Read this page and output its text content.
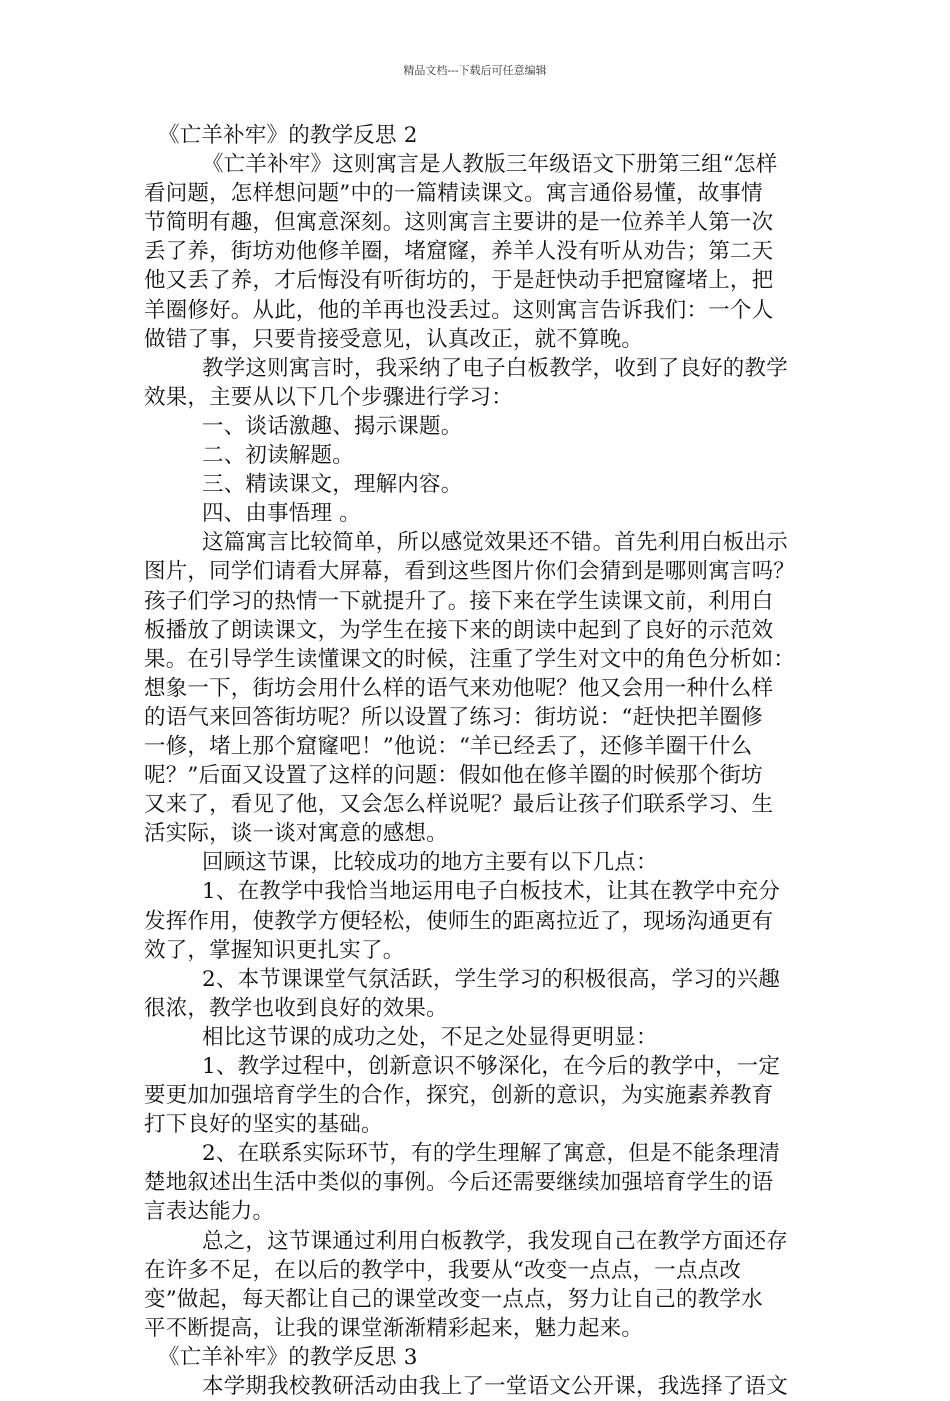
精品文档---下载后可任意编辑
《亡羊补牢》的教学反思 2
《亡羊补牢》这则寓言是人教版三年级语文下册第三组“怎样
看问题，怎样想问题”中的一篇精读课文。寓言通俗易懂，故事情
节简明有趣，但寓意深刻。这则寓言主要讲的是一位养羊人第一次
丢了养，街坊劝他修羊圈，堵窟窿，养羊人没有听从劝告；第二天
他又丢了养，才后悔没有听街坊的，于是赶快动手把窟窿堵上，把
羊圈修好。从此，他的羊再也没丢过。这则寓言告诉我们：一个人
做错了事，只要肯接受意见，认真改正，就不算晚。
教学这则寓言时，我采纳了电子白板教学，收到了良好的教学
效果，主要从以下几个步骤进行学习：
一、谈话激趣、揭示课题。
二、初读解题。
三、精读课文，理解内容。
四、由事悟理 。
这篇寓言比较简单，所以感觉效果还不错。首先利用白板出示
图片，同学们请看大屏幕，看到这些图片你们会猜到是哪则寓言吗？
孩子们学习的热情一下就提升了。接下来在学生读课文前，利用白
板播放了朗读课文，为学生在接下来的朗读中起到了良好的示范效
果。在引导学生读懂课文的时候，注重了学生对文中的角色分析如：
想象一下，街坊会用什么样的语气来劝他呢？他又会用一种什么样
的语气来回答街坊呢？所以设置了练习：街坊说：“赶快把羊圈修
一修，堵上那个窟窿吧！”他说：“羊已经丢了，还修羊圈干什么
呢？”后面又设置了这样的问题：假如他在修羊圈的时候那个街坊
又来了，看见了他，又会怎么样说呢？最后让孩子们联系学习、生
活实际，谈一谈对寓意的感想。
回顾这节课，比较成功的地方主要有以下几点：
1、在教学中我恰当地运用电子白板技术，让其在教学中充分
发挥作用，使教学方便轻松，使师生的距离拉近了，现场沟通更有
效了，掌握知识更扎实了。
2、本节课课堂气氛活跃，学生学习的积极很高，学习的兴趣
很浓，教学也收到良好的效果。
相比这节课的成功之处，不足之处显得更明显：
1、教学过程中，创新意识不够深化，在今后的教学中，一定
要更加加强培育学生的合作，探究，创新的意识，为实施素养教育
打下良好的坚实的基础。
2、在联系实际环节，有的学生理解了寓意，但是不能条理清
楚地叙述出生活中类似的事例。今后还需要继续加强培育学生的语
言表达能力。
总之，这节课通过利用白板教学，我发现自己在教学方面还存
在许多不足，在以后的教学中，我要从“改变一点点，一点点改
变”做起，每天都让自己的课堂改变一点点，努力让自己的教学水
平不断提高，让我的课堂渐渐精彩起来，魅力起来。
《亡羊补牢》的教学反思 3
本学期我校教研活动由我上了一堂语文公开课，我选择了语文
